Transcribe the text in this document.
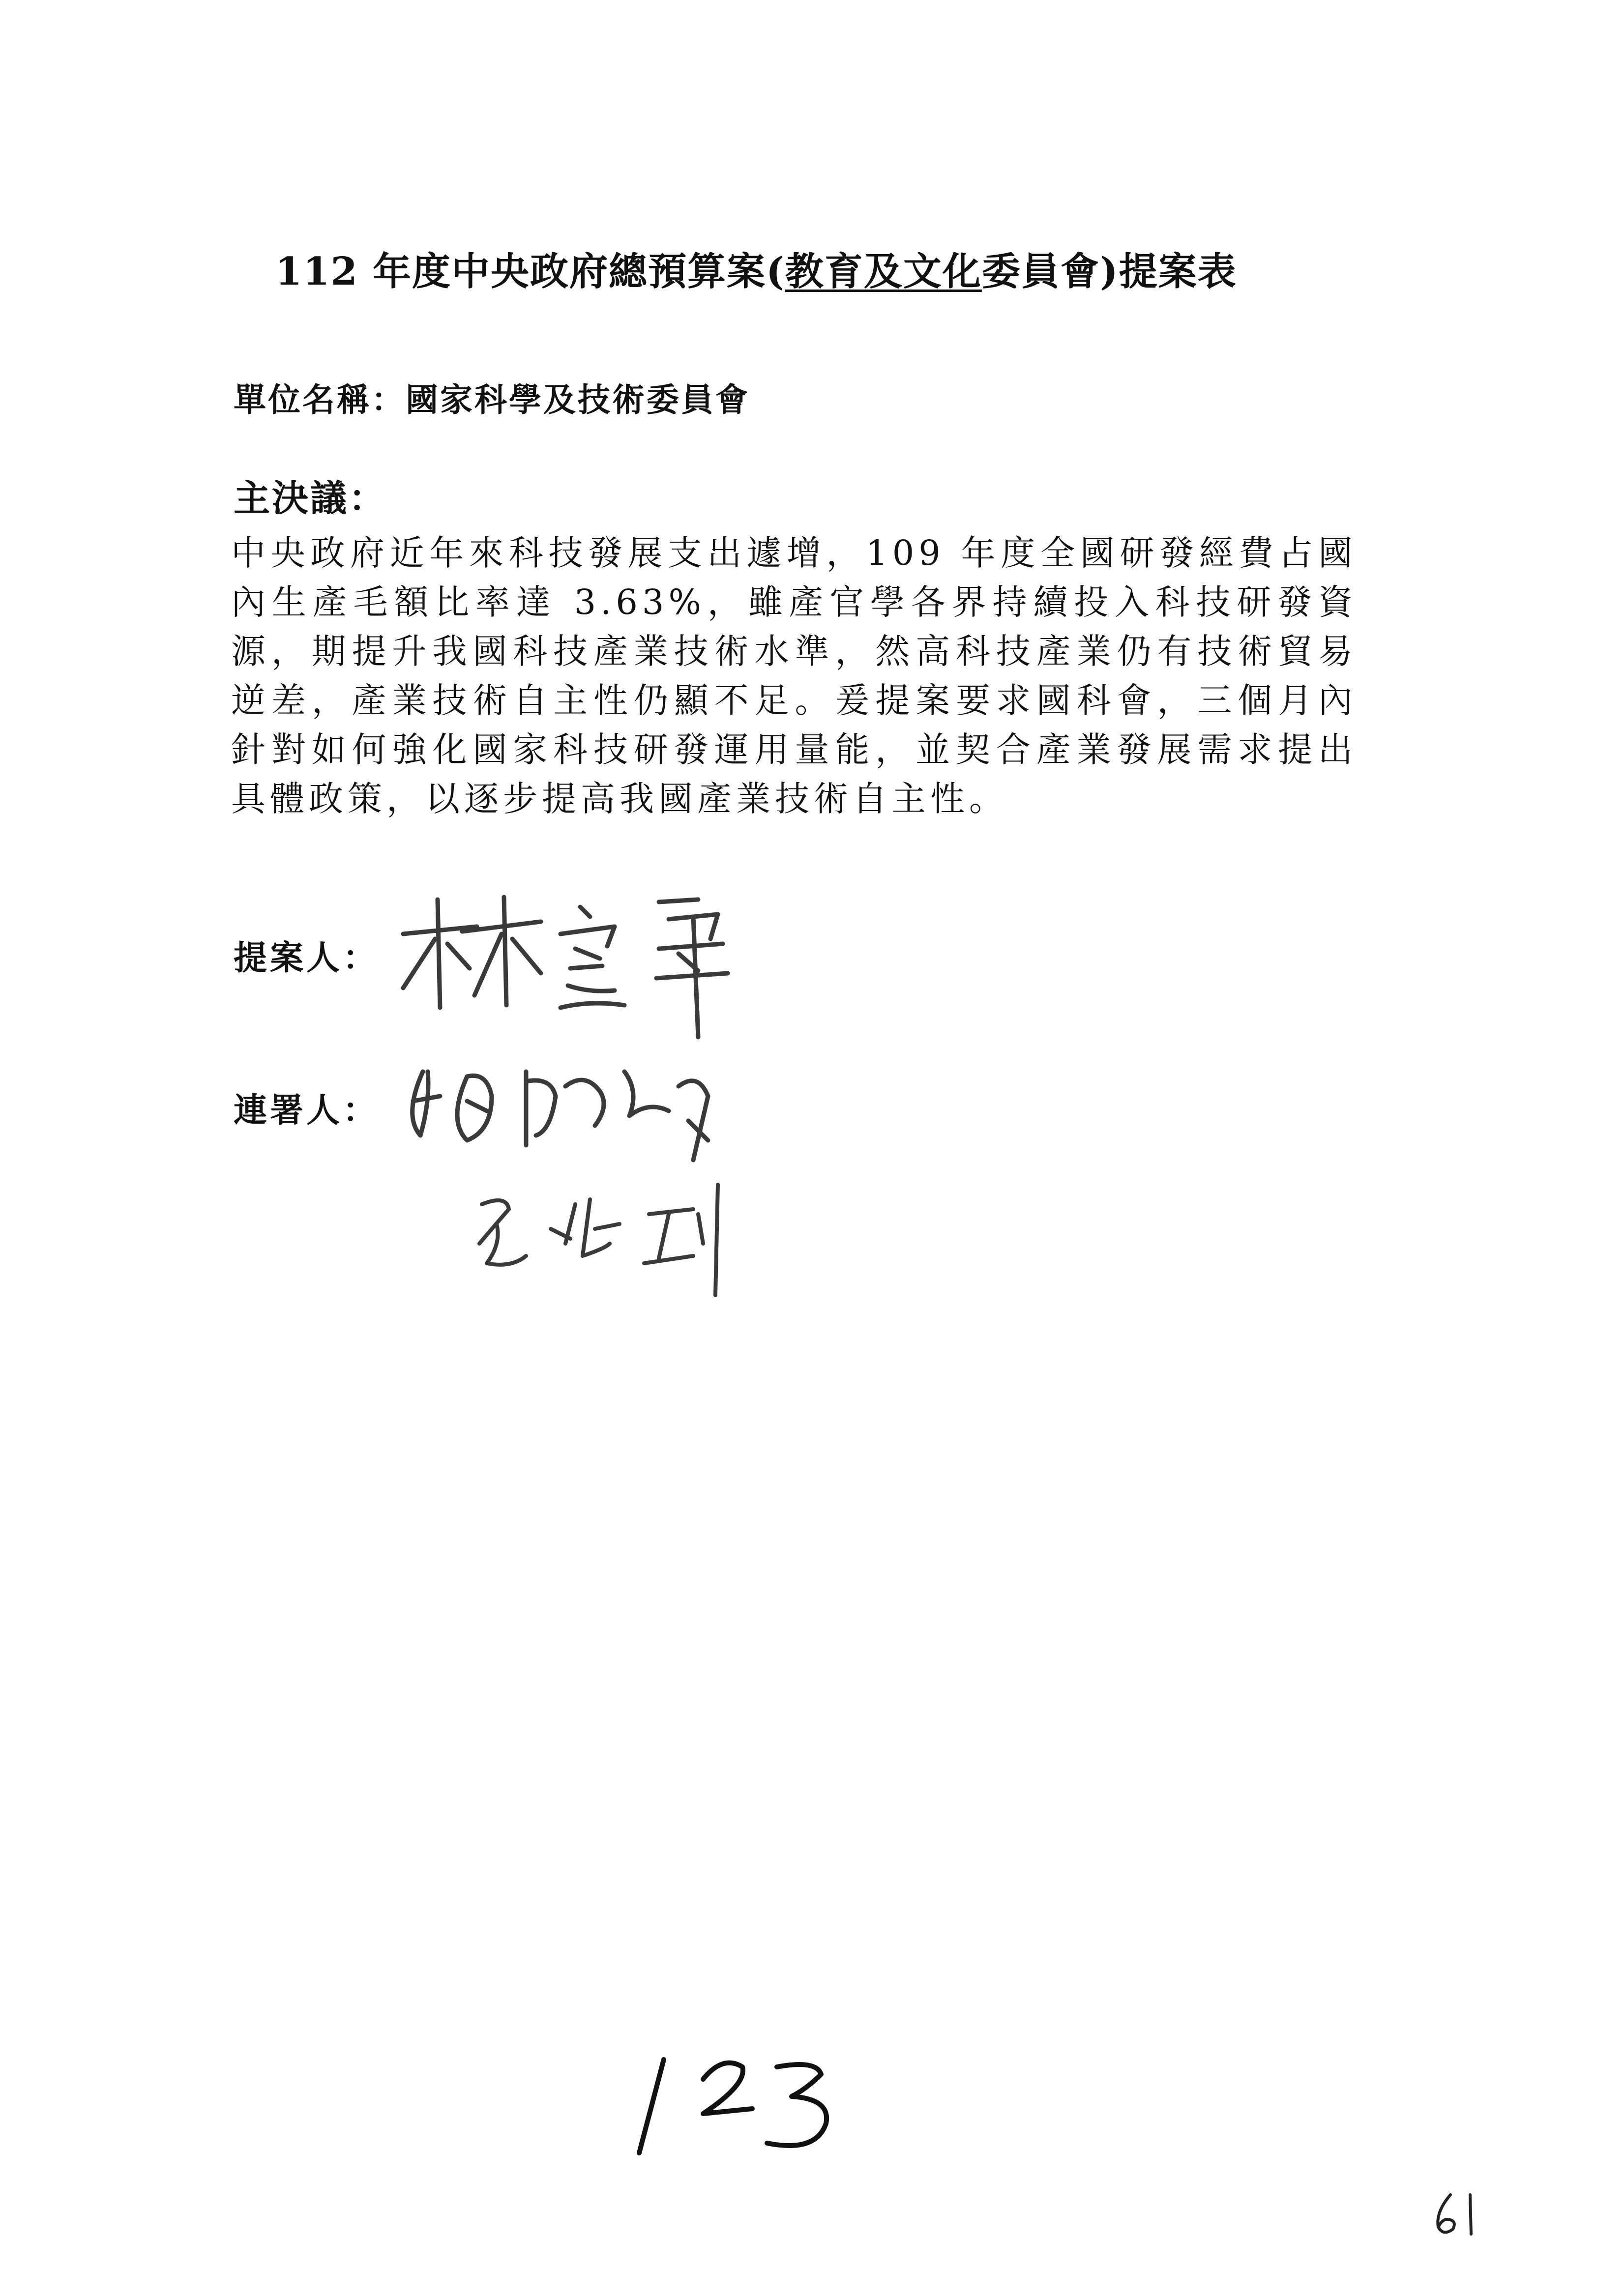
112 年度中央政府總預算案(教育及文化委員會)提案表
單位名稱：國家科學及技術委員會
主決議：
中央政府近年來科技發展支出遽增，109 年度全國研發經費占國內生產毛額比率達 3.63%，雖產官學各界持續投入科技研發資源，期提升我國科技產業技術水準，然高科技產業仍有技術貿易逆差，產業技術自主性仍顯不足。爰提案要求國科會，三個月內針對如何強化國家科技研發運用量能，並契合產業發展需求提出具體政策，以逐步提高我國產業技術自主性。
提案人：
連署人：
